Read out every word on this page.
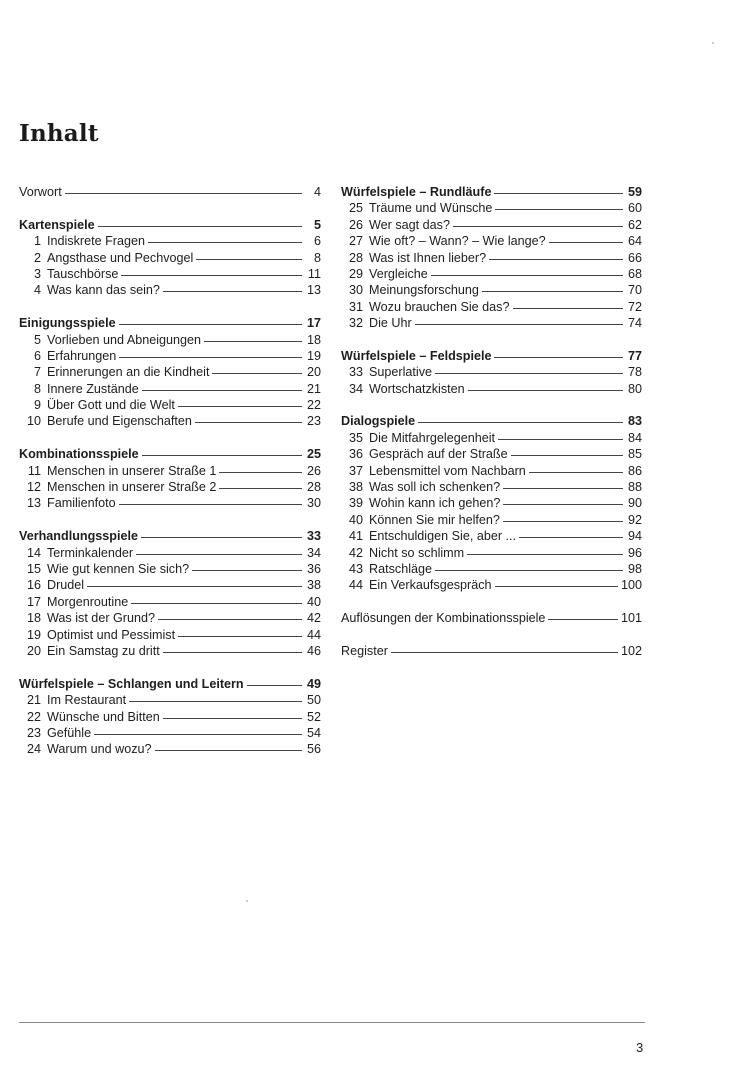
Inhalt
Vorwort	4
Kartenspiele	5
1 Indiskrete Fragen	6
2 Angsthase und Pechvogel	8
3 Tauschbörse	11
4 Was kann das sein?	13
Einigungsspiele	17
5 Vorlieben und Abneigungen	18
6 Erfahrungen	19
7 Erinnerungen an die Kindheit	20
8 Innere Zustände	21
9 Über Gott und die Welt	22
10 Berufe und Eigenschaften	23
Kombinationsspiele	25
11 Menschen in unserer Straße 1	26
12 Menschen in unserer Straße 2	28
13 Familienfoto	30
Verhandlungsspiele	33
14 Terminkalender	34
15 Wie gut kennen Sie sich?	36
16 Drudel	38
17 Morgenroutine	40
18 Was ist der Grund?	42
19 Optimist und Pessimist	44
20 Ein Samstag zu dritt	46
Würfelspiele – Schlangen und Leitern	49
21 Im Restaurant	50
22 Wünsche und Bitten	52
23 Gefühle	54
24 Warum und wozu?	56
Würfelspiele – Rundläufe	59
25 Träume und Wünsche	60
26 Wer sagt das?	62
27 Wie oft? – Wann? – Wie lange?	64
28 Was ist Ihnen lieber?	66
29 Vergleiche	68
30 Meinungsforschung	70
31 Wozu brauchen Sie das?	72
32 Die Uhr	74
Würfelspiele – Feldspiele	77
33 Superlative	78
34 Wortschatzkisten	80
Dialogspiele	83
35 Die Mitfahrgelegenheit	84
36 Gespräch auf der Straße	85
37 Lebensmittel vom Nachbarn	86
38 Was soll ich schenken?	88
39 Wohin kann ich gehen?	90
40 Können Sie mir helfen?	92
41 Entschuldigen Sie, aber ...	94
42 Nicht so schlimm	96
43 Ratschläge	98
44 Ein Verkaufsgespräch	100
Auflösungen der Kombinationsspiele	101
Register	102
3
